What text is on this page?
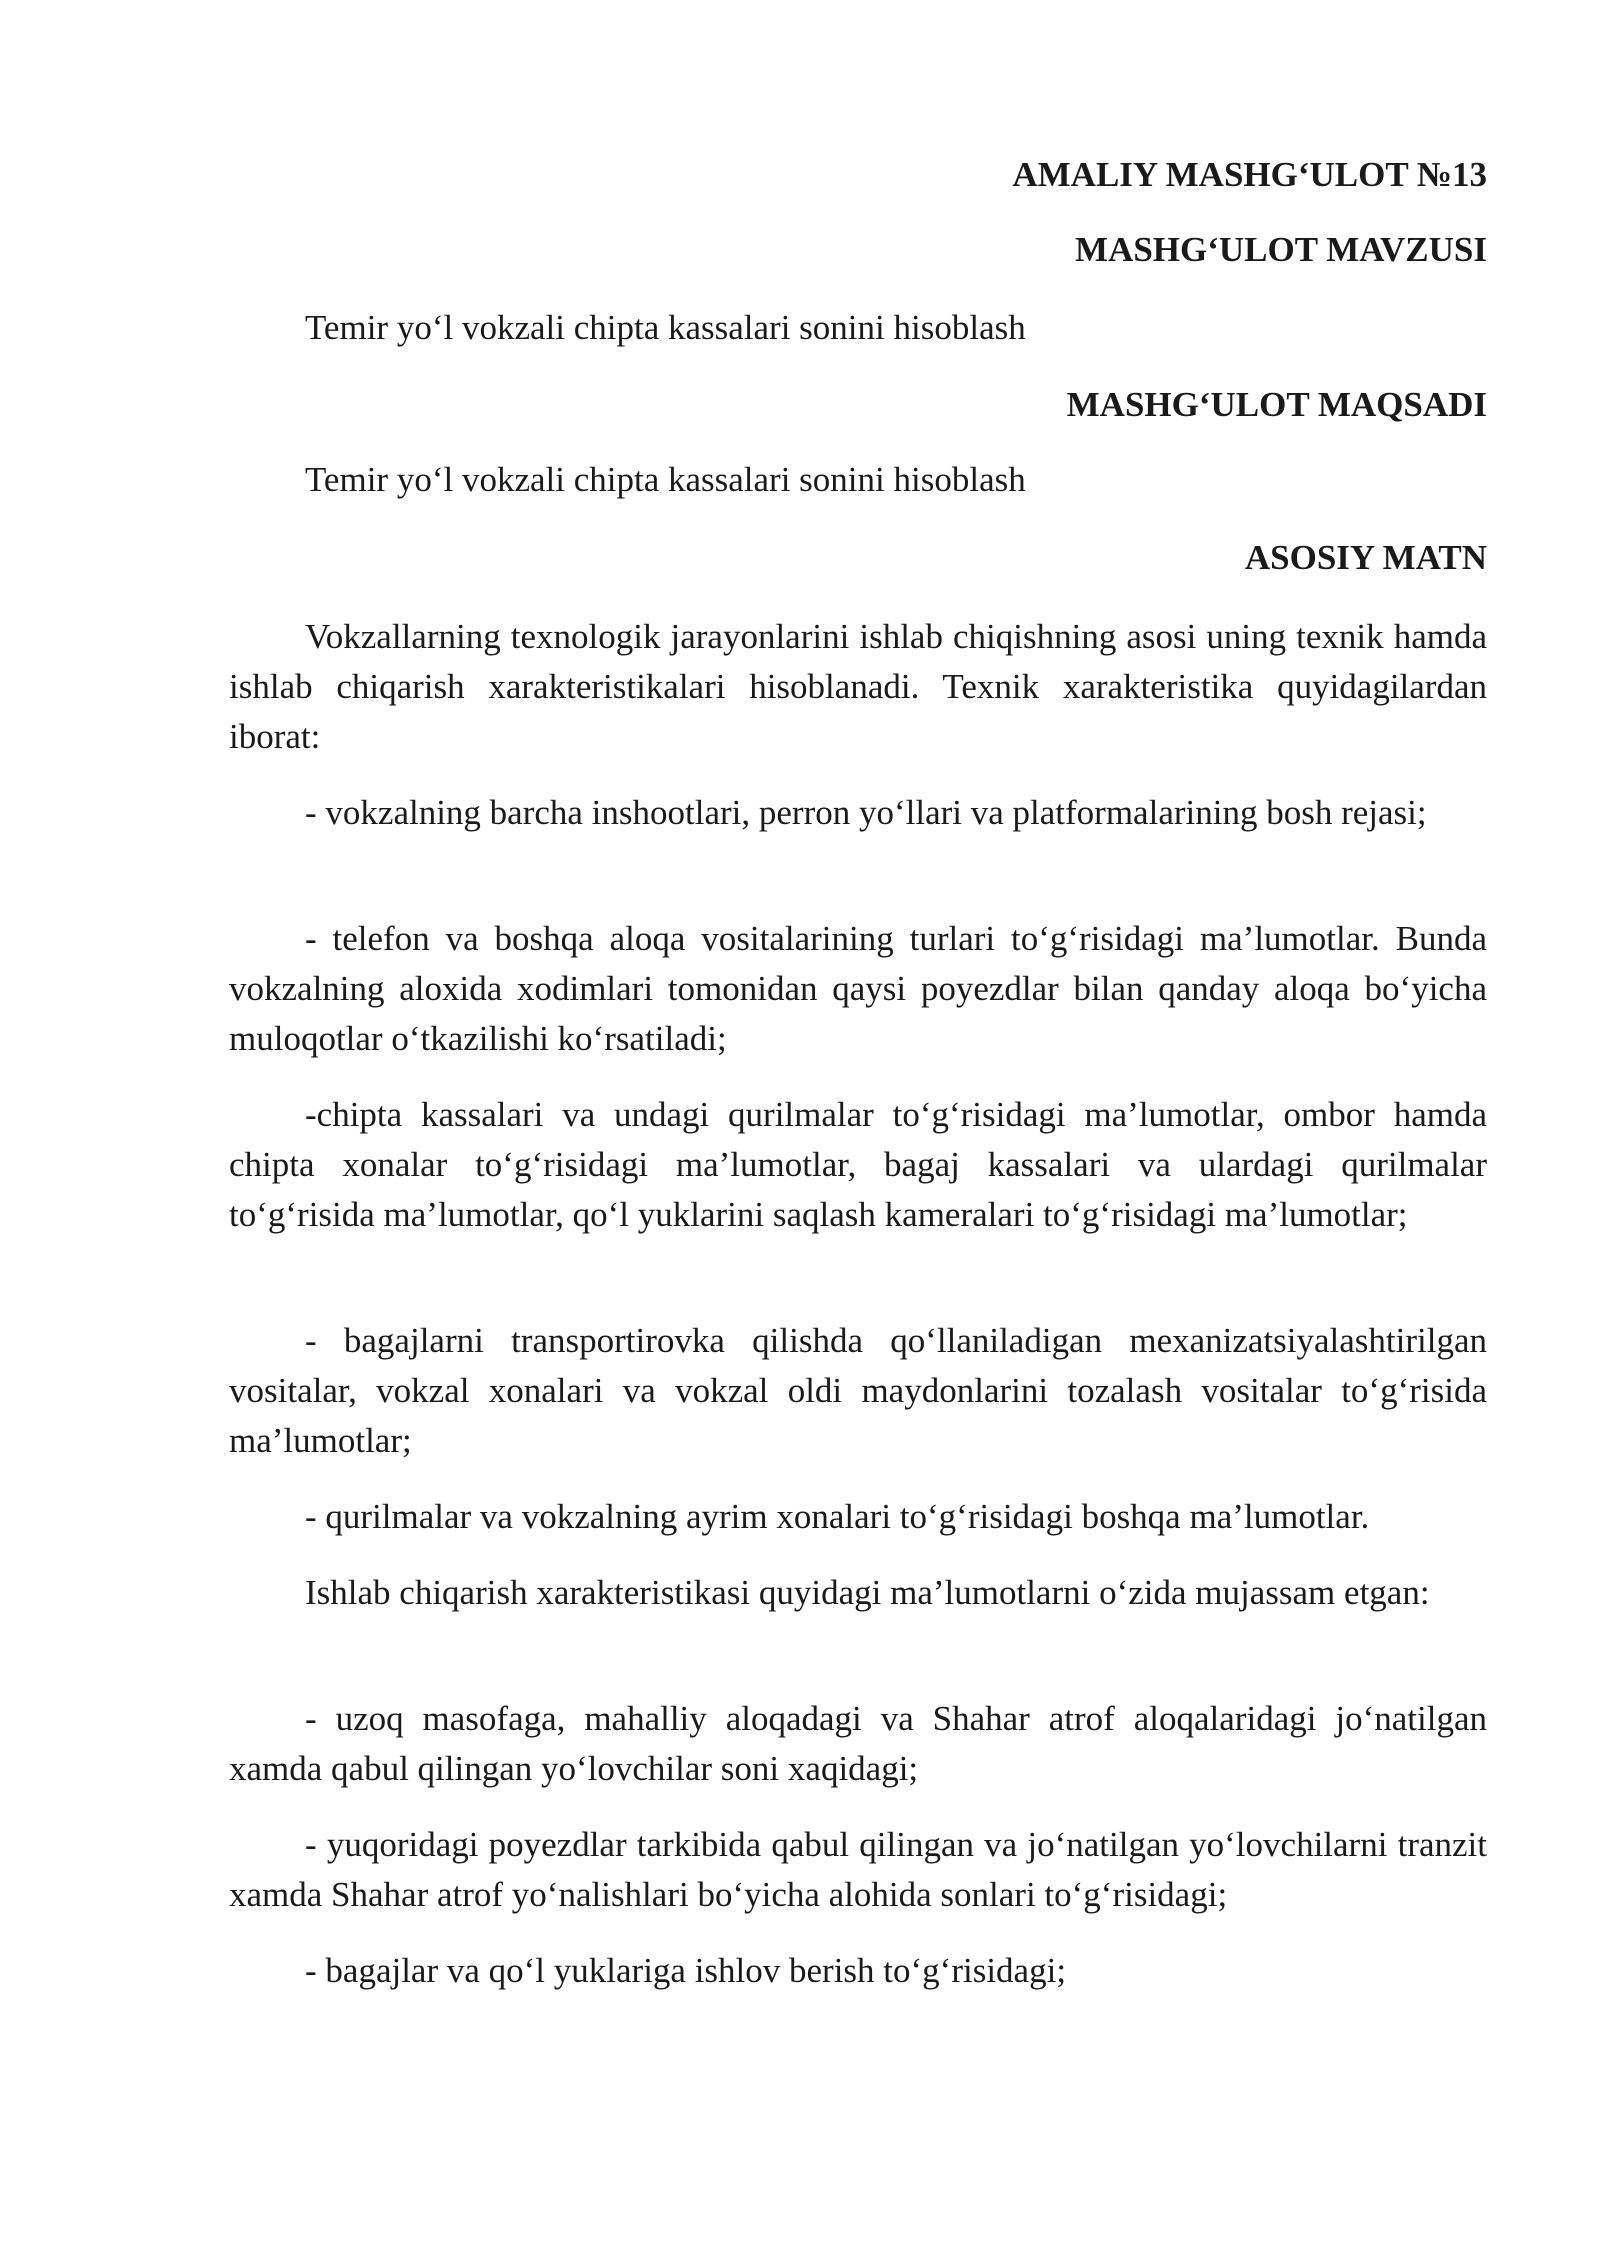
AMALIY MASHG‘ULOT №13
MASHG‘ULOT MAVZUSI
Temir yo‘l vokzali chipta kassalari sonini hisoblash
MASHG‘ULOT MAQSADI
Temir yo‘l vokzali chipta kassalari sonini hisoblash
ASOSIY MATN

Vokzallarning texnologik jarayonlarini ishlab chiqishning asosi uning texnik hamda ishlab chiqarish xarakteristikalari hisoblanadi. Texnik xarakteristika quyidagilardan iborat:

- vokzalning barcha inshootlari, perron yo‘llari va platformalarining bosh rejasi;

- telefon va boshqa aloqa vositalarining turlari to‘g‘risidagi ma’lumotlar. Bunda vokzalning aloxida xodimlari tomonidan qaysi poyezdlar bilan qanday aloqa bo‘yicha muloqotlar o‘tkazilishi ko‘rsatiladi;

-chipta kassalari va undagi qurilmalar to‘g‘risidagi ma’lumotlar, ombor hamda chipta xonalar to‘g‘risidagi ma’lumotlar, bagaj kassalari va ulardagi qurilmalar to‘g‘risida ma’lumotlar, qo‘l yuklarini saqlash kameralari to‘g‘risidagi ma’lumotlar;

- bagajlarni transportirovka qilishda qo‘llaniladigan mexanizatsiyalashtirilgan vositalar, vokzal xonalari va vokzal oldi maydonlarini tozalash vositalar to‘g‘risida ma’lumotlar;

- qurilmalar va vokzalning ayrim xonalari to‘g‘risidagi boshqa ma’lumotlar.

Ishlab chiqarish xarakteristikasi quyidagi ma’lumotlarni o‘zida mujassam etgan:

- uzoq masofaga, mahalliy aloqadagi va Shahar atrof aloqalaridagi jo‘natilgan xamda qabul qilingan yo‘lovchilar soni xaqidagi;

- yuqoridagi poyezdlar tarkibida qabul qilingan va jo‘natilgan yo‘lovchilarni tranzit xamda Shahar atrof yo‘nalishlari bo‘yicha alohida sonlari to‘g‘risidagi;

- bagajlar va qo‘l yuklariga ishlov berish to‘g‘risidagi;
